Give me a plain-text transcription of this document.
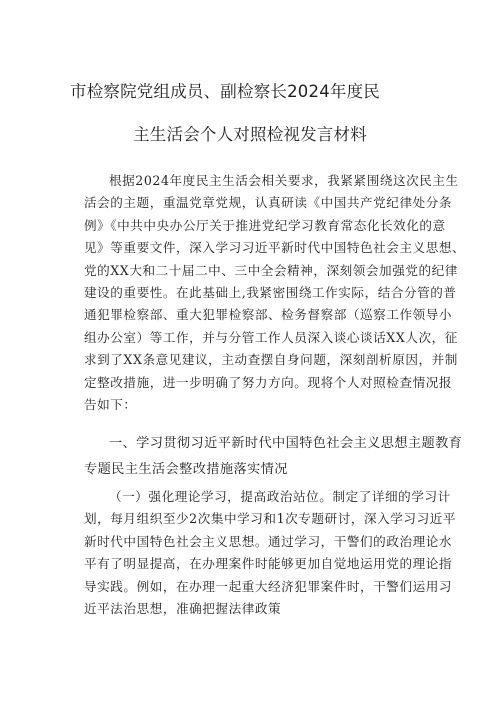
市检察院党组成员、副检察长2024年度民
主生活会个人对照检视发言材料
根据2024年度民主生活会相关要求，我紧紧围绕这次民主生
活会的主题，重温党章党规，认真研读《中国共产党纪律处分条
例》《中共中央办公厅关于推进党纪学习教育常态化长效化的意
见》等重要文件，深入学习习近平新时代中国特色社会主义思想、
党的XX大和二十届二中、三中全会精神，深刻领会加强党的纪律
建设的重要性。在此基础上,我紧密围绕工作实际，结合分管的普
通犯罪检察部、重大犯罪检察部、检务督察部（巡察工作领导小
组办公室）等工作，并与分管工作人员深入谈心谈话XX人次，征
求到了XX条意见建议，主动查摆自身问题，深刻剖析原因，并制
定整改措施，进一步明确了努力方向。现将个人对照检查情况报
告如下：
一、学习贯彻习近平新时代中国特色社会主义思想主题教育
专题民主生活会整改措施落实情况
（一）强化理论学习，提高政治站位。制定了详细的学习计
划，每月组织至少2次集中学习和1次专题研讨，深入学习习近平
新时代中国特色社会主义思想。通过学习，干警们的政治理论水
平有了明显提高，在办理案件时能够更加自觉地运用党的理论指
导实践。例如，在办理一起重大经济犯罪案件时，干警们运用习
近平法治思想，准确把握法律政策
